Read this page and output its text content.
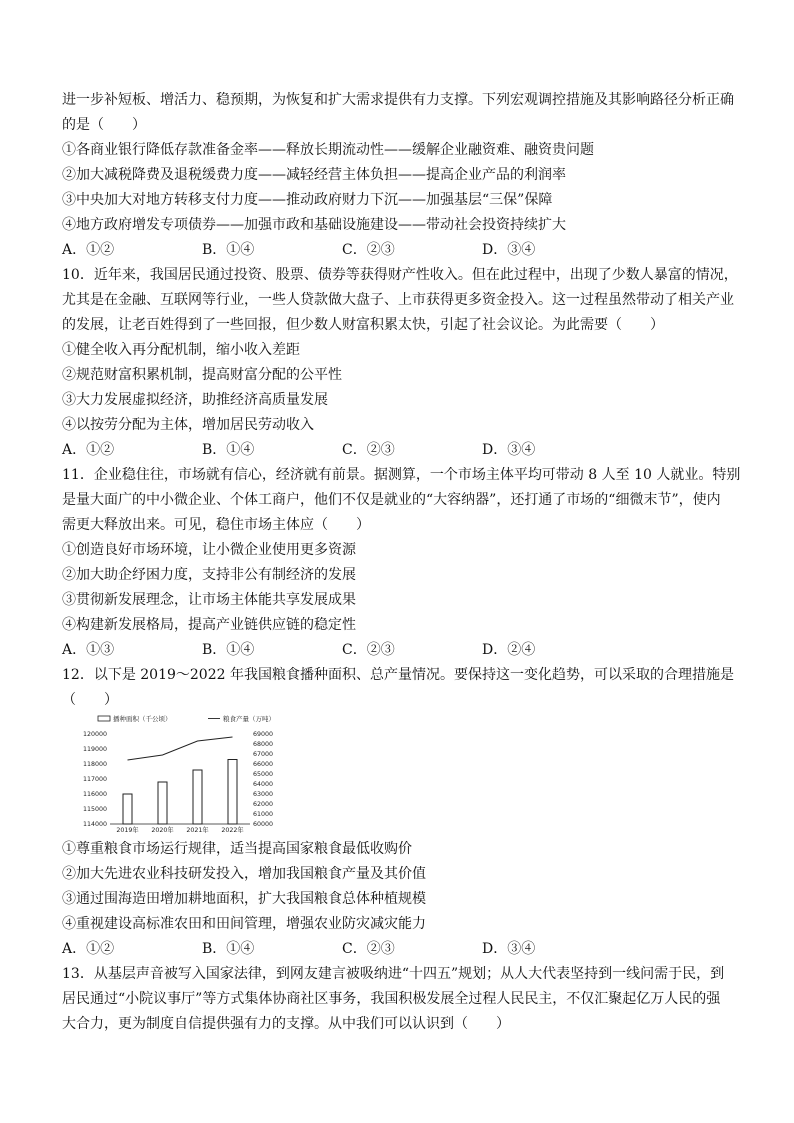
进一步补短板、增活力、稳预期，为恢复和扩大需求提供有力支撑。下列宏观调控措施及其影响路径分析正确
的是（　　）
①各商业银行降低存款准备金率——释放长期流动性——缓解企业融资难、融资贵问题
②加大减税降费及退税缓费力度——减轻经营主体负担——提高企业产品的利润率
③中央加大对地方转移支付力度——推动政府财力下沉——加强基层“三保”保障
④地方政府增发专项债券——加强市政和基础设施建设——带动社会投资持续扩大
A．①②	B．①④	C．②③	D．③④
10．近年来，我国居民通过投资、股票、债券等获得财产性收入。但在此过程中，出现了少数人暴富的情况，
尤其是在金融、互联网等行业，一些人贷款做大盘子、上市获得更多资金投入。这一过程虽然带动了相关产业
的发展，让老百姓得到了一些回报，但少数人财富积累太快，引起了社会议论。为此需要（　　）
①健全收入再分配机制，缩小收入差距
②规范财富积累机制，提高财富分配的公平性
③大力发展虚拟经济，助推经济高质量发展
④以按劳分配为主体，增加居民劳动收入
A．①②	B．①④	C．②③	D．③④
11．企业稳住往，市场就有信心，经济就有前景。据测算，一个市场主体平均可带动 8 人至 10 人就业。特别
是量大面广的中小微企业、个体工商户，他们不仅是就业的“大容纳器”，还打通了市场的“细微末节”，使内
需更大释放出来。可见，稳住市场主体应（　　）
①创造良好市场环境，让小微企业使用更多资源
②加大助企纾困力度，支持非公有制经济的发展
③贯彻新发展理念，让市场主体能共享发展成果
④构建新发展格局，提高产业链供应链的稳定性
A．①③	B．①④	C．②③	D．②④
12．以下是 2019～2022 年我国粮食播种面积、总产量情况。要保持这一变化趋势，可以采取的合理措施是
（　　）
播种面积（千公顷）	粮食产量（万吨）
120000
119000
118000
117000
116000
115000
114000
69000
68000
67000
66000
65000
64000
63000
62000
61000
60000
2019年 2020年 2021年 2022年
①尊重粮食市场运行规律，适当提高国家粮食最低收购价
②加大先进农业科技研发投入，增加我国粮食产量及其价值
③通过围海造田增加耕地面积，扩大我国粮食总体种植规模
④重视建设高标准农田和田间管理，增强农业防灾减灾能力
A．①②	B．①④	C．②③	D．③④
13．从基层声音被写入国家法律，到网友建言被吸纳进“十四五”规划；从人大代表坚持到一线问需于民，到
居民通过“小院议事厅”等方式集体协商社区事务，我国积极发展全过程人民民主，不仅汇聚起亿万人民的强
大合力，更为制度自信提供强有力的支撑。从中我们可以认识到（　　）
